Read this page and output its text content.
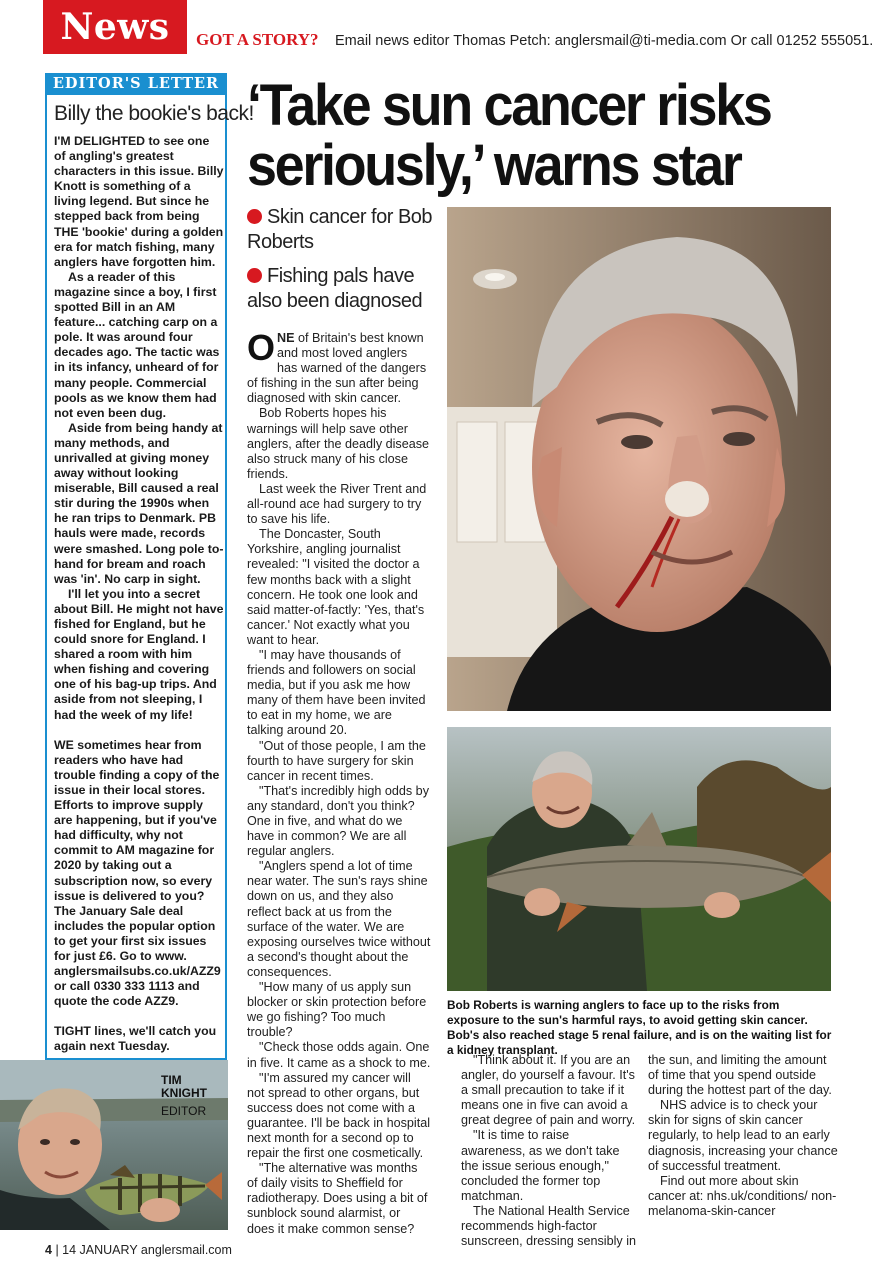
News	GOT A STORY? Email news editor Thomas Petch: anglersmail@ti-media.com Or call 01252 555051.
EDITOR'S LETTER
Billy the bookie's back!

I'M DELIGHTED to see one of angling's greatest characters in this issue. Billy Knott is something of a living legend. But since he stepped back from being THE 'bookie' during a golden era for match fishing, many anglers have forgotten him.

As a reader of this magazine since a boy, I first spotted Bill in an AM feature... catching carp on a pole. It was around four decades ago. The tactic was in its infancy, unheard of for many people. Commercial pools as we know them had not even been dug.

Aside from being handy at many methods, and unrivalled at giving money away without looking miserable, Bill caused a real stir during the 1990s when he ran trips to Denmark. PB hauls were made, records were smashed. Long pole to-hand for bream and roach was 'in'. No carp in sight.

I'll let you into a secret about Bill. He might not have fished for England, but he could snore for England. I shared a room with him when fishing and covering one of his bag-up trips. And aside from not sleeping, I had the week of my life!

WE sometimes hear from readers who have had trouble finding a copy of the issue in their local stores. Efforts to improve supply are happening, but if you've had difficulty, why not commit to AM magazine for 2020 by taking out a subscription now, so every issue is delivered to you? The January Sale deal includes the popular option to get your first six issues for just £6. Go to www. anglersmailsubs.co.uk/AZZ9 or call 0330 333 1113 and quote the code AZZ9.

TIGHT lines, we'll catch you again next Tuesday.

TIM KNIGHT
EDITOR
‘Take sun cancer risks
seriously,’ warns star
Skin cancer for Bob Roberts
Fishing pals have also been diagnosed

ONE of Britain's best known and most loved anglers has warned of the dangers of fishing in the sun after being diagnosed with skin cancer.

Bob Roberts hopes his warnings will help save other anglers, after the deadly disease also struck many of his close friends.

Last week the River Trent and all-round ace had surgery to try to save his life.

The Doncaster, South Yorkshire, angling journalist revealed: "I visited the doctor a few months back with a slight concern. He took one look and said matter-of-factly: 'Yes, that's cancer.' Not exactly what you want to hear.

"I may have thousands of friends and followers on social media, but if you ask me how many of them have been invited to eat in my home, we are talking around 20.

"Out of those people, I am the fourth to have surgery for skin cancer in recent times.

"That's incredibly high odds by any standard, don't you think? One in five, and what do we have in common? We are all regular anglers.

"Anglers spend a lot of time near water. The sun's rays shine down on us, and they also reflect back at us from the surface of the water. We are exposing ourselves twice without a second's thought about the consequences.

"How many of us apply sun blocker or skin protection before we go fishing? Too much trouble?

"Check those odds again. One in five. It came as a shock to me.

"I'm assured my cancer will not spread to other organs, but success does not come with a guarantee. I'll be back in hospital next month for a second op to repair the first one cosmetically.

"The alternative was months of daily visits to Sheffield for radiotherapy. Does using a bit of sunblock sound alarmist, or does it make common sense?

Bob Roberts is warning anglers to face up to the risks from exposure to the sun's harmful rays, to avoid getting skin cancer. Bob's also reached stage 5 renal failure, and is on the waiting list for a kidney transplant.

"Think about it. If you are an angler, do yourself a favour. It's a small precaution to take if it means one in five can avoid a great degree of pain and worry.

"It is time to raise awareness, as we don't take the issue serious enough," concluded the former top matchman.

The National Health Service recommends high-factor sunscreen, dressing sensibly in

the sun, and limiting the amount of time that you spend outside during the hottest part of the day.

NHS advice is to check your skin for signs of skin cancer regularly, to help lead to an early diagnosis, increasing your chance of successful treatment.

Find out more about skin cancer at: nhs.uk/conditions/ non-melanoma-skin-cancer

4 | 14 JANUARY anglersmail.com
